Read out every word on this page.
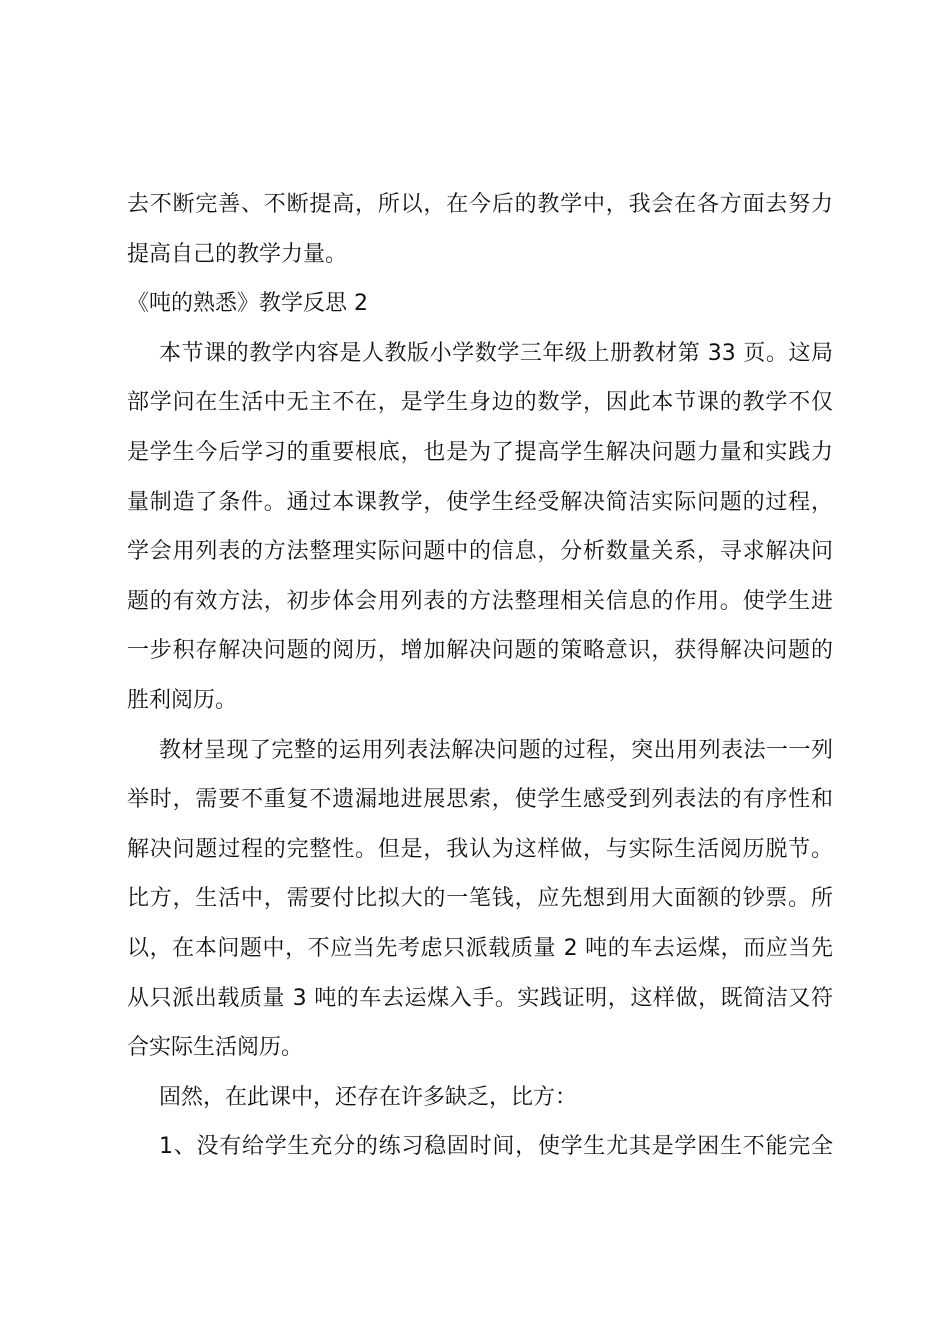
去不断完善、不断提高，所以，在今后的教学中，我会在各方面去努力
提高自己的教学力量。
《吨的熟悉》教学反思 2
本节课的教学内容是人教版小学数学三年级上册教材第 33 页。这局
部学问在生活中无主不在，是学生身边的数学，因此本节课的教学不仅
是学生今后学习的重要根底，也是为了提高学生解决问题力量和实践力
量制造了条件。通过本课教学，使学生经受解决简洁实际问题的过程，
学会用列表的方法整理实际问题中的信息，分析数量关系，寻求解决问
题的有效方法，初步体会用列表的方法整理相关信息的作用。使学生进
一步积存解决问题的阅历，增加解决问题的策略意识，获得解决问题的
胜利阅历。
教材呈现了完整的运用列表法解决问题的过程，突出用列表法一一列
举时，需要不重复不遗漏地进展思索，使学生感受到列表法的有序性和
解决问题过程的完整性。但是，我认为这样做，与实际生活阅历脱节。
比方，生活中，需要付比拟大的一笔钱，应先想到用大面额的钞票。所
以，在本问题中，不应当先考虑只派载质量 2 吨的车去运煤，而应当先
从只派出载质量 3 吨的车去运煤入手。实践证明，这样做，既简洁又符
合实际生活阅历。
固然，在此课中，还存在许多缺乏，比方：
1、没有给学生充分的练习稳固时间，使学生尤其是学困生不能完全
